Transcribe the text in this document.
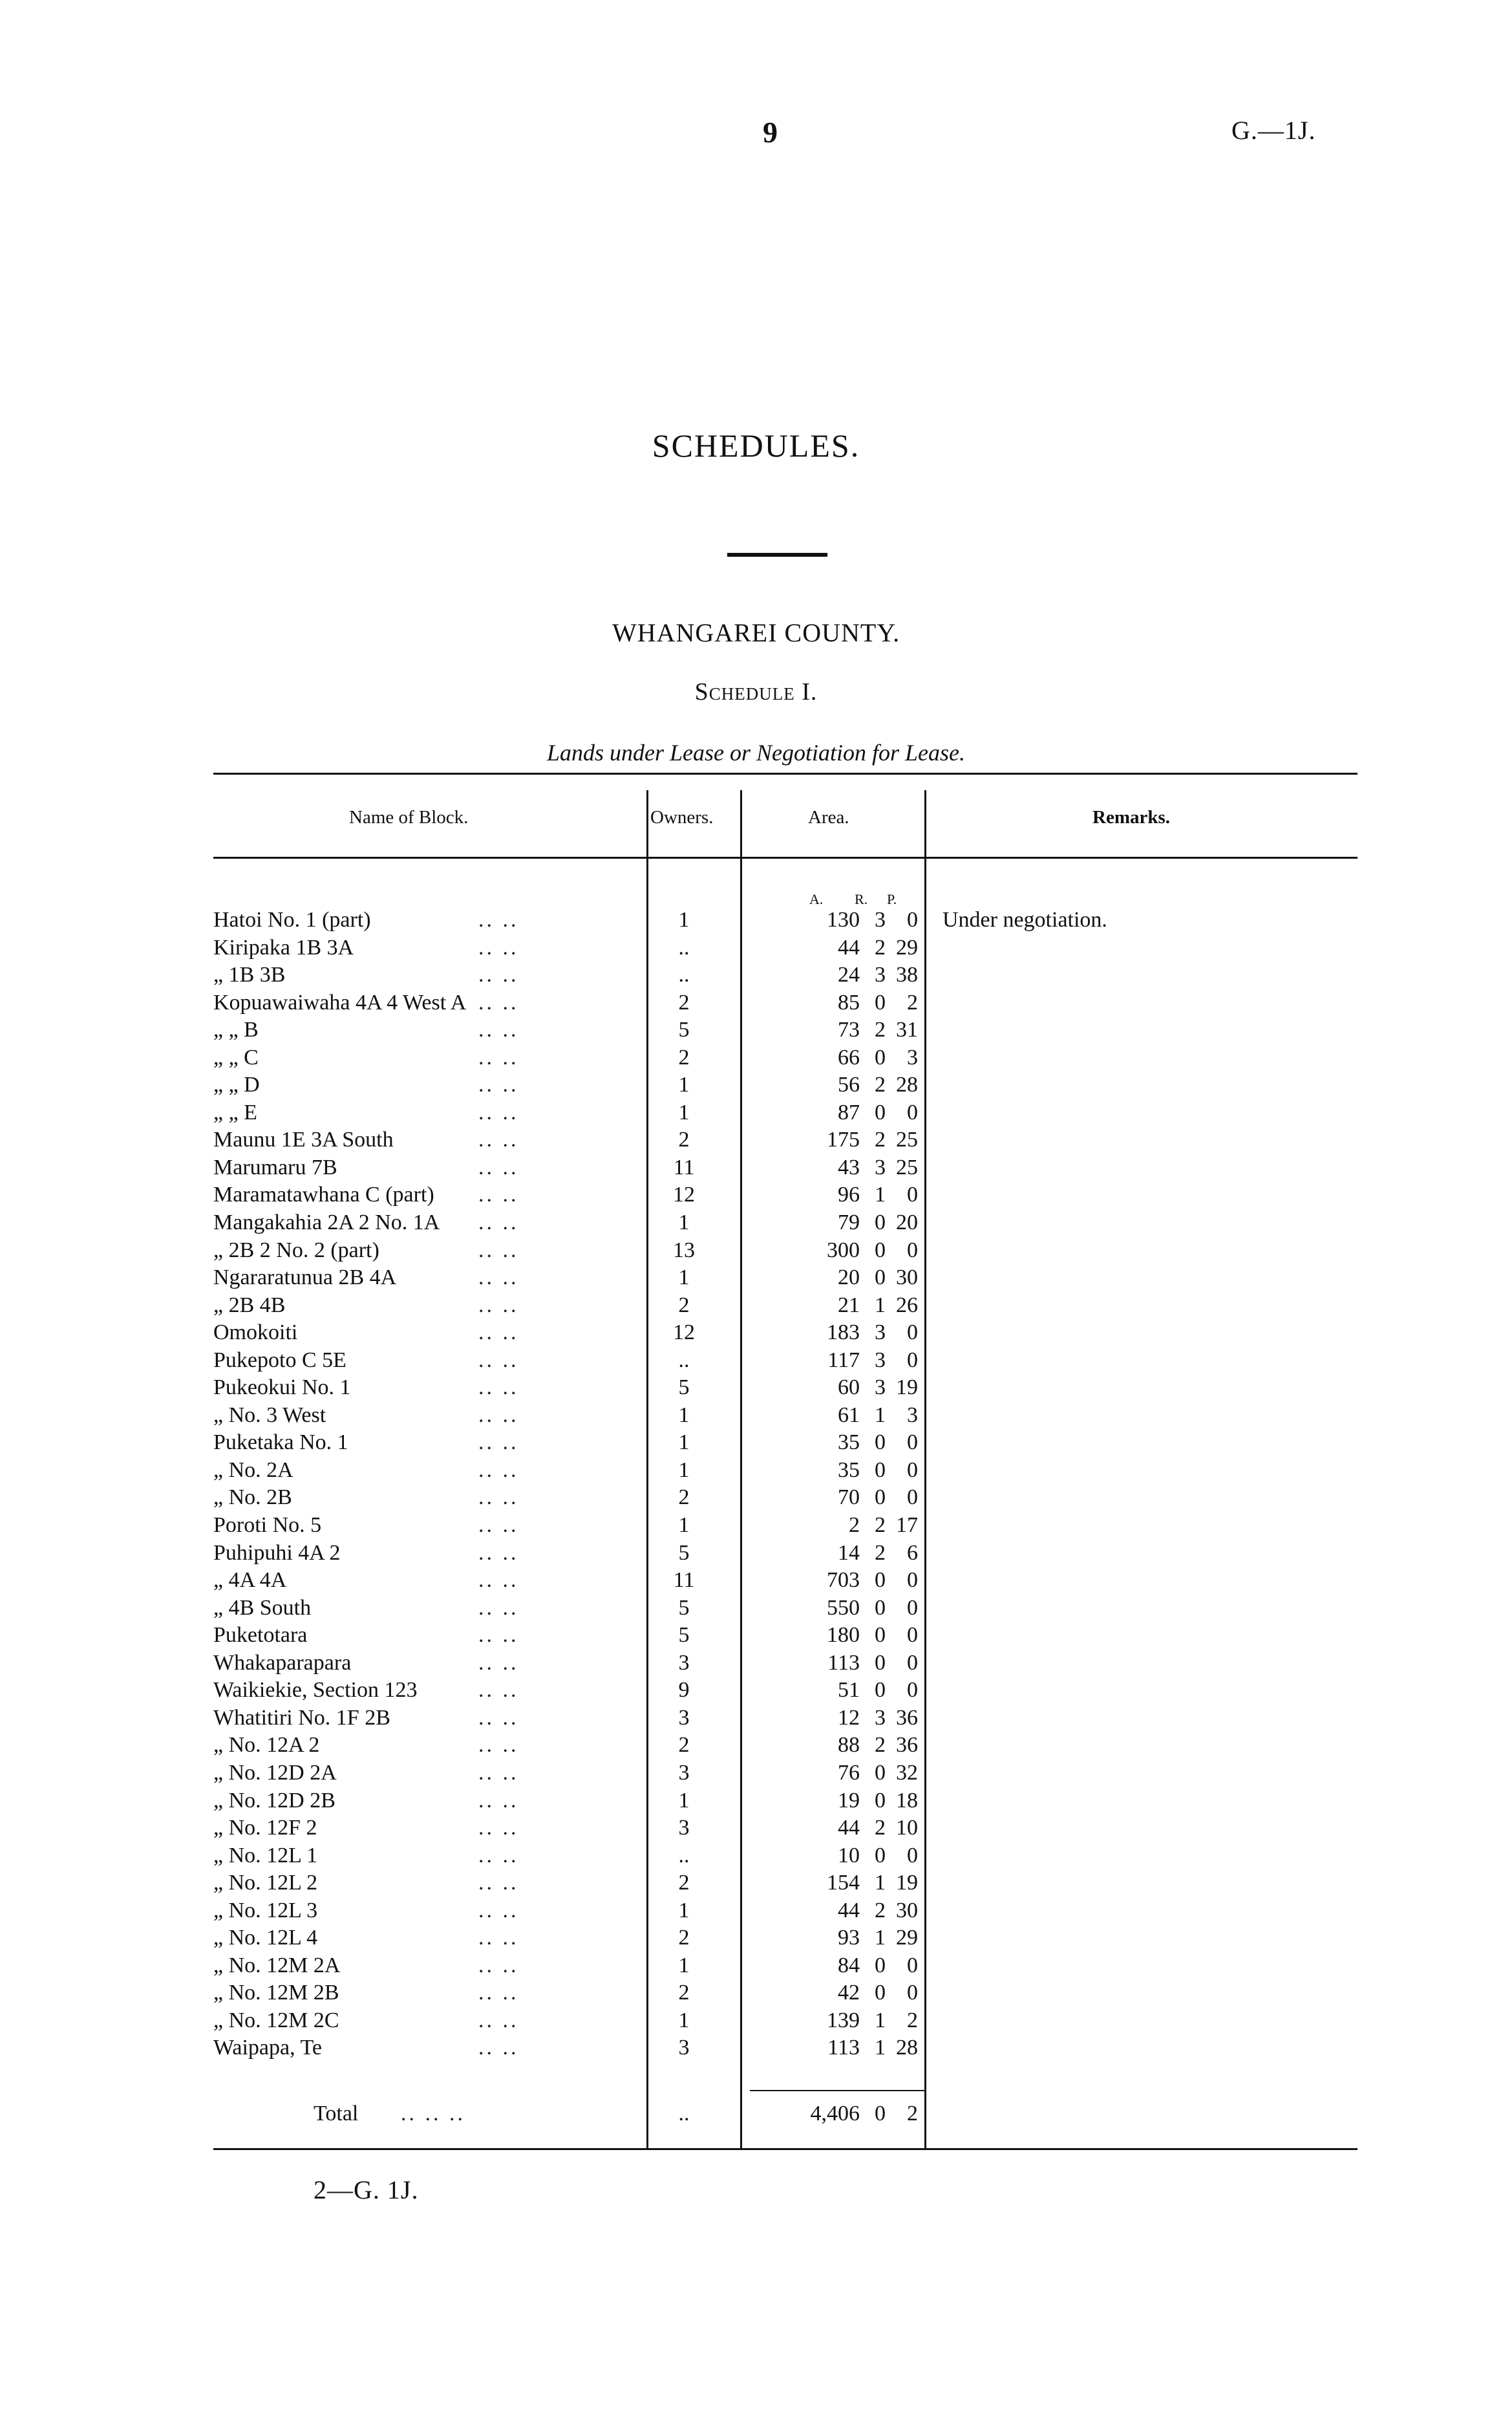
9	G.—1J.
SCHEDULES.
WHANGAREI COUNTY.
Schedule I.
Lands under Lease or Negotiation for Lease.
Name of Block.	Owners.	Area.	Remarks.
A. R. P.
Hatoi No. 1 (part)	.. ..	1	130 3 0 Under negotiation.
Kiripaka 1B 3A	.. ..	..	44 2 29
„ 1B 3B	.. ..	..	24 3 38
Kopuawaiwaha 4A 4 West A .. ..	2	85 0 2
„ „ B	.. ..	5	73 2 31
„ „ C	.. ..	2	66 0 3
„ „ D	.. ..	1	56 2 28
„ „ E	.. ..	1	87 0 0
Maunu 1E 3A South	.. ..	2	175 2 25
Marumaru 7B	.. ..	11	43 3 25
Maramatawhana C (part) .. ..	12	96 1 0
Mangakahia 2A 2 No. 1A .. ..	1	79 0 20
„ 2B 2 No. 2 (part)	.. ..	13	300 0 0
Ngararatunua 2B 4A	.. ..	1	20 0 30
„ 2B 4B	.. ..	2	21 1 26
Omokoiti	.. ..	12	183 3 0
Pukepoto C 5E	.. ..	..	117 3 0
Pukeokui No. 1	.. ..	5	60 3 19
„ No. 3 West	.. ..	1	61 1 3
Puketaka No. 1	.. ..	1	35 0 0
„ No. 2A	.. ..	1	35 0 0
„ No. 2B	.. ..	2	70 0 0
Poroti No. 5	.. ..	1	2 2 17
Puhipuhi 4A 2	.. ..	5	14 2 6
„ 4A 4A	.. ..	11	703 0 0
„ 4B South	.. ..	5	550 0 0
Puketotara	.. ..	5	180 0 0
Whakaparapara	.. ..	3	113 0 0
Waikiekie, Section 123	.. ..	9	51 0 0
Whatitiri No. 1F 2B	.. ..	3	12 3 36
„ No. 12A 2	.. ..	2	88 2 36
„ No. 12D 2A	.. ..	3	76 0 32
„ No. 12D 2B	.. ..	1	19 0 18
„ No. 12F 2	.. ..	3	44 2 10
„ No. 12L 1	.. ..	..	10 0 0
„ No. 12L 2	.. ..	2	154 1 19
„ No. 12L 3	.. ..	1	44 2 30
„ No. 12L 4	.. ..	2	93 1 29
„ No. 12M 2A	.. ..	1	84 0 0
„ No. 12M 2B	.. ..	2	42 0 0
„ No. 12M 2C	.. ..	1	139 1 2
Waipapa, Te	.. ..	3	113 1 28
Total .. .. ..	..	4,406 0 2
2—G. 1J.
